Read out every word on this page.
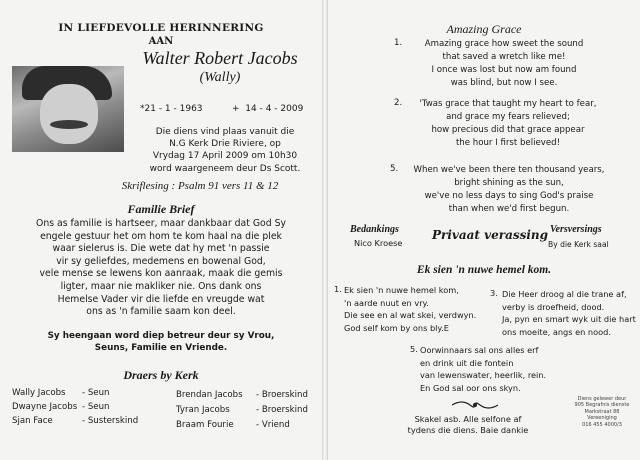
IN LIEFDEVOLLE HERINNERING
AAN
Walter Robert Jacobs
(Wally)
*21 - 1 - 1963	+ 14 - 4 - 2009
Die diens vind plaas vanuit die
N.G Kerk Drie Riviere, op
Vrydag 17 April 2009 om 10h30
word waargeneem deur Ds Scott.
Skriflesing : Psalm 91 vers 11 & 12
Familie Brief
Ons as familie is hartseer, maar dankbaar dat God Sy
engele gestuur het om hom te kom haal na die plek
waar sielerus is. Die wete dat hy met 'n passie
vir sy geliefdes, medemens en bowenal God,
vele mense se lewens kon aanraak, maak die gemis
ligter, maar nie makliker nie. Ons dank ons
Hemelse Vader vir die liefde en vreugde wat
ons as 'n familie saam kon deel.
Sy heengaan word diep betreur deur sy Vrou,
Seuns, Familie en Vriende.
Draers by Kerk
Wally Jacobs - Seun
Dwayne Jacobs - Seun
Sjan Face	- Susterskind
Brendan Jacobs - Broerskind
Tyran Jacobs	- Broerskind
Braam Fourie	- Vriend
Amazing Grace
1.	Amazing grace how sweet the sound
that saved a wretch like me!
I once was lost but now am found
was blind, but now I see.
2.	'Twas grace that taught my heart to fear,
and grace my fears relieved;
how precious did that grace appear
the hour I first believed!
5.	When we've been there ten thousand years,
bright shining as the sun,
we've no less days to sing God's praise
than when we'd first begun.
Bedankings
Nico Kroese
Privaat verassing Versversings
By die Kerk saal
Ek sien 'n nuwe hemel kom.
1. Ek sien 'n nuwe hemel kom,
'n aarde nuut en vry.
Die see en al wat skei, verdwyn.
God self kom by ons bly.E
3. Die Heer droog al die trane af,
verby is droefheid, dood.
Ja, pyn en smart wyk uit die hart
ons moeite, angs en nood.
5. Oorwinnaars sal ons alles erf
en drink uit die fontein
van lewenswater, heerlik, rein.
En God sal oor ons skyn.
Skakel asb. Alle selfone af
tydens die diens. Baie dankie
Diens gelewer deur
905 Begrafnis dienste
Markstraat 88
Vereeniging
016 455 4000/3
